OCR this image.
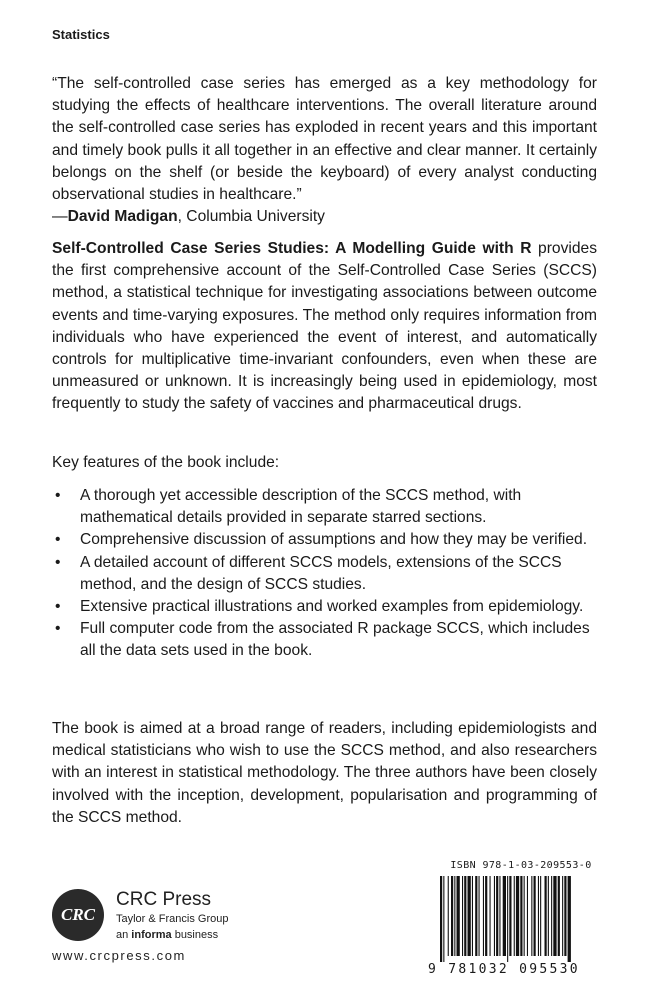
Statistics
“The self-controlled case series has emerged as a key methodology for studying the effects of healthcare interventions. The overall literature around the self-controlled case series has exploded in recent years and this important and timely book pulls it all together in an effective and clear manner. It certainly belongs on the shelf (or beside the keyboard) of every analyst conducting observational studies in healthcare.”
—David Madigan, Columbia University
Self-Controlled Case Series Studies: A Modelling Guide with R provides the first comprehensive account of the Self-Controlled Case Series (SCCS) method, a statistical technique for investigating associations between outcome events and time-varying exposures. The method only requires information from individuals who have experienced the event of interest, and automatically controls for multiplicative time-invariant confounders, even when these are unmeasured or unknown. It is increasingly being used in epidemiology, most frequently to study the safety of vaccines and pharmaceutical drugs.
Key features of the book include:
• A thorough yet accessible description of the SCCS method, with mathematical details provided in separate starred sections.
• Comprehensive discussion of assumptions and how they may be verified.
• A detailed account of different SCCS models, extensions of the SCCS method, and the design of SCCS studies.
• Extensive practical illustrations and worked examples from epidemiology.
• Full computer code from the associated R package SCCS, which includes all the data sets used in the book.
The book is aimed at a broad range of readers, including epidemiologists and medical statisticians who wish to use the SCCS method, and also researchers with an interest in statistical methodology. The three authors have been closely involved with the inception, development, popularisation and programming of the SCCS method.
CRC
CRC Press
Taylor & Francis Group
an informa business
www.crcpress.com
ISBN 978-1-03-209553-0
9 781032 095530
